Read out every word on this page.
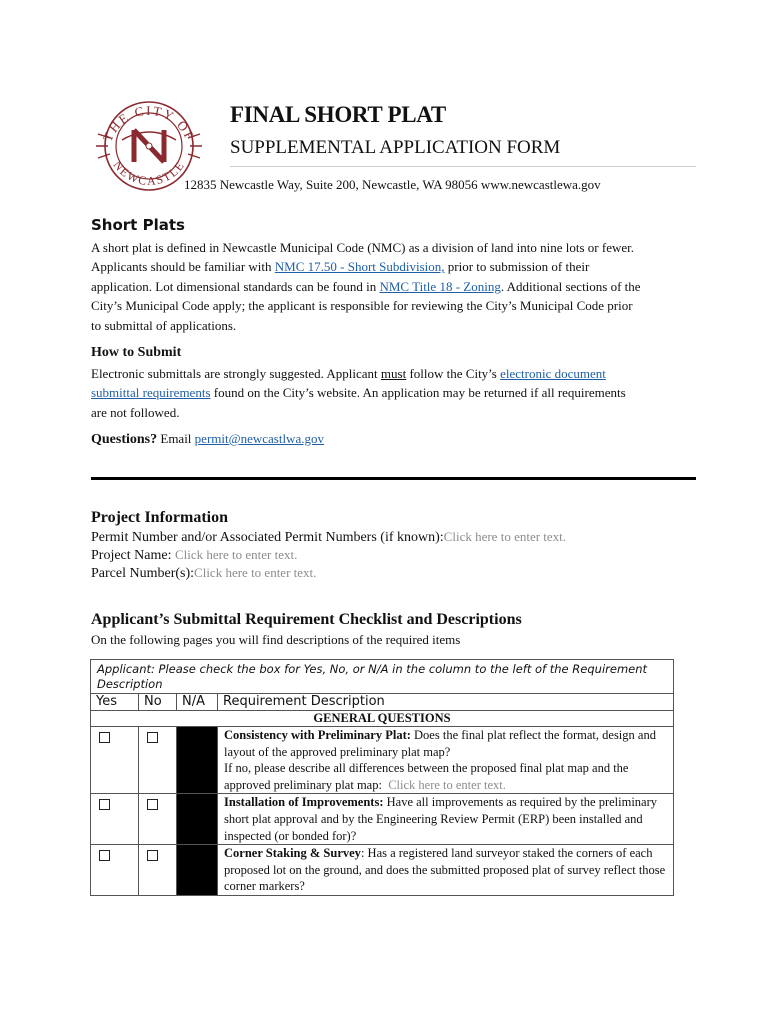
THE CITY OF
NEWCASTLE
FINAL SHORT PLAT
SUPPLEMENTAL APPLICATION FORM
12835 Newcastle Way, Suite 200, Newcastle, WA 98056 www.newcastlewa.gov
Short Plats
A short plat is defined in Newcastle Municipal Code (NMC) as a division of land into nine lots or fewer.
Applicants should be familiar with NMC 17.50 - Short Subdivision, prior to submission of their
application. Lot dimensional standards can be found in NMC Title 18 - Zoning. Additional sections of the
City’s Municipal Code apply; the applicant is responsible for reviewing the City’s Municipal Code prior
to submittal of applications.
How to Submit
Electronic submittals are strongly suggested. Applicant must follow the City’s electronic document
submittal requirements found on the City’s website. An application may be returned if all requirements
are not followed.
Questions? Email permit@newcastlwa.gov
Project Information
Permit Number and/or Associated Permit Numbers (if known):Click here to enter text.
Project Name: Click here to enter text.
Parcel Number(s):Click here to enter text.
Applicant’s Submittal Requirement Checklist and Descriptions
On the following pages you will find descriptions of the required items
Applicant: Please check the box for Yes, No, or N/A in the column to the left of the Requirement Description			
Yes	No	N/A	Requirement Description
GENERAL QUESTIONS			
			Consistency with Preliminary Plat: Does the final plat reflect the format, design and layout of the approved preliminary plat map?
If no, please describe all differences between the proposed final plat map and the approved preliminary plat map: Click here to enter text.
			Installation of Improvements: Have all improvements as required by the preliminary short plat approval and by the Engineering Review Permit (ERP) been installed and inspected (or bonded for)?
			Corner Staking & Survey: Has a registered land surveyor staked the corners of each proposed lot on the ground, and does the submitted proposed plat of survey reflect those corner markers?
